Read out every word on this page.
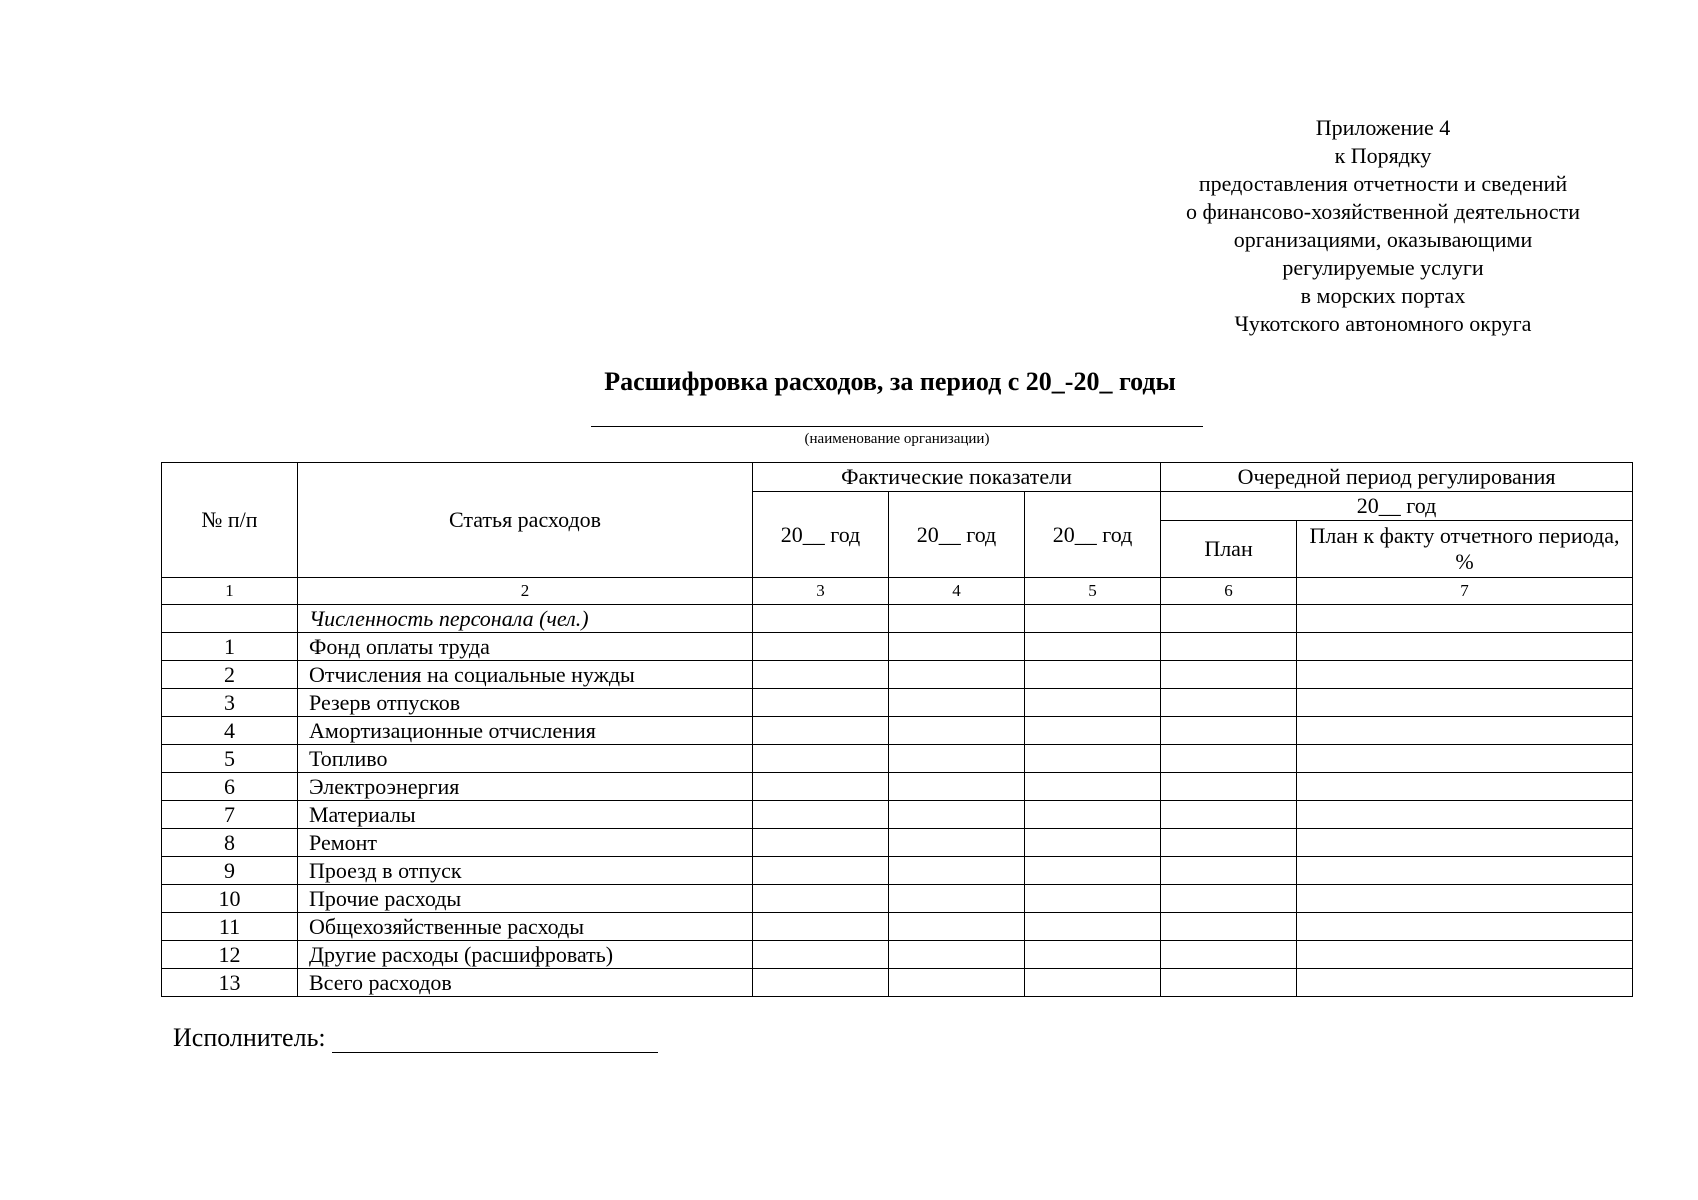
Приложение 4
к Порядку
предоставления отчетности и сведений
о финансово-хозяйственной деятельности
организациями, оказывающими
регулируемые услуги
в морских портах
Чукотского автономного округа
Расшифровка расходов, за период с 20_-20_ годы
(наименование организации)
№ п/п	Статья расходов	Фактические показатели			Очередной период регулирования	
		20__ год	20__ год	20__ год	20__ год	
					План	План к факту отчетного периода, %
1	2	3	4	5	6	7
	Численность персонала (чел.)					
1	Фонд оплаты труда					
2	Отчисления на социальные нужды					
3	Резерв отпусков					
4	Амортизационные отчисления					
5	Топливо					
6	Электроэнергия					
7	Материалы					
8	Ремонт					
9	Проезд в отпуск					
10	Прочие расходы					
11	Общехозяйственные расходы					
12	Другие расходы (расшифровать)					
13	Всего расходов					
Исполнитель:
